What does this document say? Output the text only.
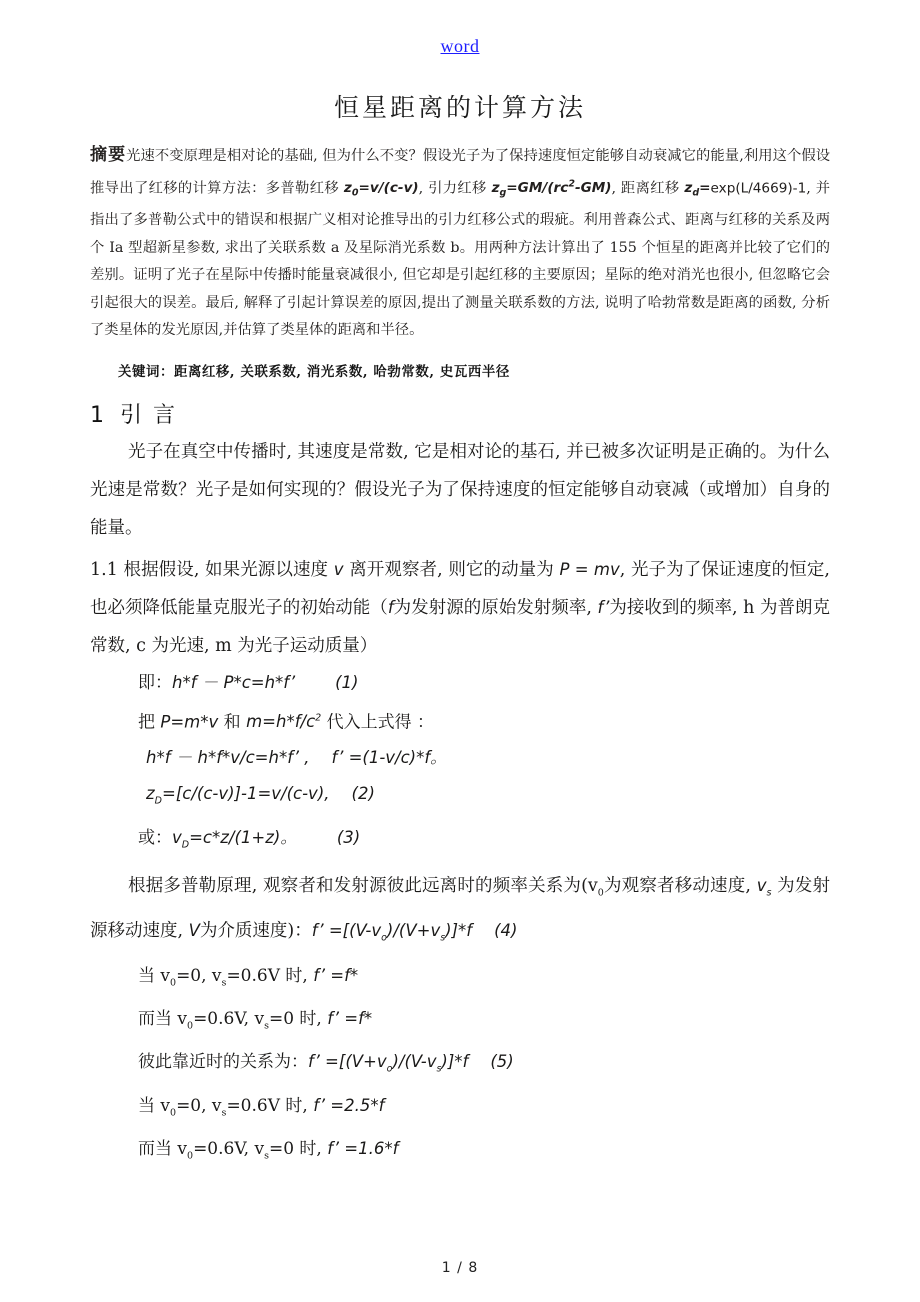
word
恒星距离的计算方法
摘要光速不变原理是相对论的基础, 但为什么不变？假设光子为了保持速度恒定能够自动衰减它的能量,利用这个假设推导出了红移的计算方法：多普勒红移 $z_0=v/(c-v)$, 引力红移 $z_g=GM/(rc^2-GM)$, 距离红移 $z_d=\exp(L/4669)-1$, 并指出了多普勒公式中的错误和根据广义相对论推导出的引力红移公式的瑕疵。利用普森公式、距离与红移的关系及两个 Ia 型超新星参数, 求出了关联系数 a 及星际消光系数 b。用两种方法计算出了 155 个恒星的距离并比较了它们的差别。证明了光子在星际中传播时能量衰减很小, 但它却是引起红移的主要原因；星际的绝对消光也很小, 但忽略它会引起很大的误差。最后, 解释了引起计算误差的原因,提出了测量关联系数的方法, 说明了哈勃常数是距离的函数, 分析了类星体的发光原因,并估算了类星体的距离和半径。
关键词：距离红移, 关联系数, 消光系数, 哈勃常数, 史瓦西半径
1 引 言
光子在真空中传播时, 其速度是常数, 它是相对论的基石, 并已被多次证明是正确的。为什么光速是常数？光子是如何实现的？假设光子为了保持速度的恒定能够自动衰减（或增加）自身的能量。
1.1 根据假设, 如果光源以速度 v 离开观察者, 则它的动量为 P = mv, 光子为了保证速度的恒定, 也必须降低能量克服光子的初始动能（f为发射源的原始发射频率, f’为接收到的频率, h 为普朗克常数, c 为光速, m 为光子运动质量）
即：h*f － P*c=h*f’ (1)
把 P=m*v 和 $m=h*f/c^2$ 代入上式得 ：
h*f － h*f*v/c=h*f’ , f’ =(1-v/c)*f。
$z_D=[c/(c-v)]-1=v/(c-v)$, (2)
或：$v_D=c*z/(1+z)$。 (3)
根据多普勒原理, 观察者和发射源彼此远离时的频率关系为($v_0$为观察者移动速度, $v_s$ 为发射源移动速度, V为介质速度)：f’ $=[(V-v_o)/(V+v_s)]*f$ (4)
当 $v_0=0$, $v_s=0.6V$ 时, f’ =f*
而当 $v_0=0.6V$, $v_s=0$ 时, f’ =f*
彼此靠近时的关系为：f’ $=[(V+v_o)/(V-v_s)]*f$ (5)
当 $v_0=0$, $v_s=0.6V$ 时, f’ =2.5*f
而当 $v_0=0.6V$, $v_s=0$ 时, f’ =1.6*f
1 / 8
